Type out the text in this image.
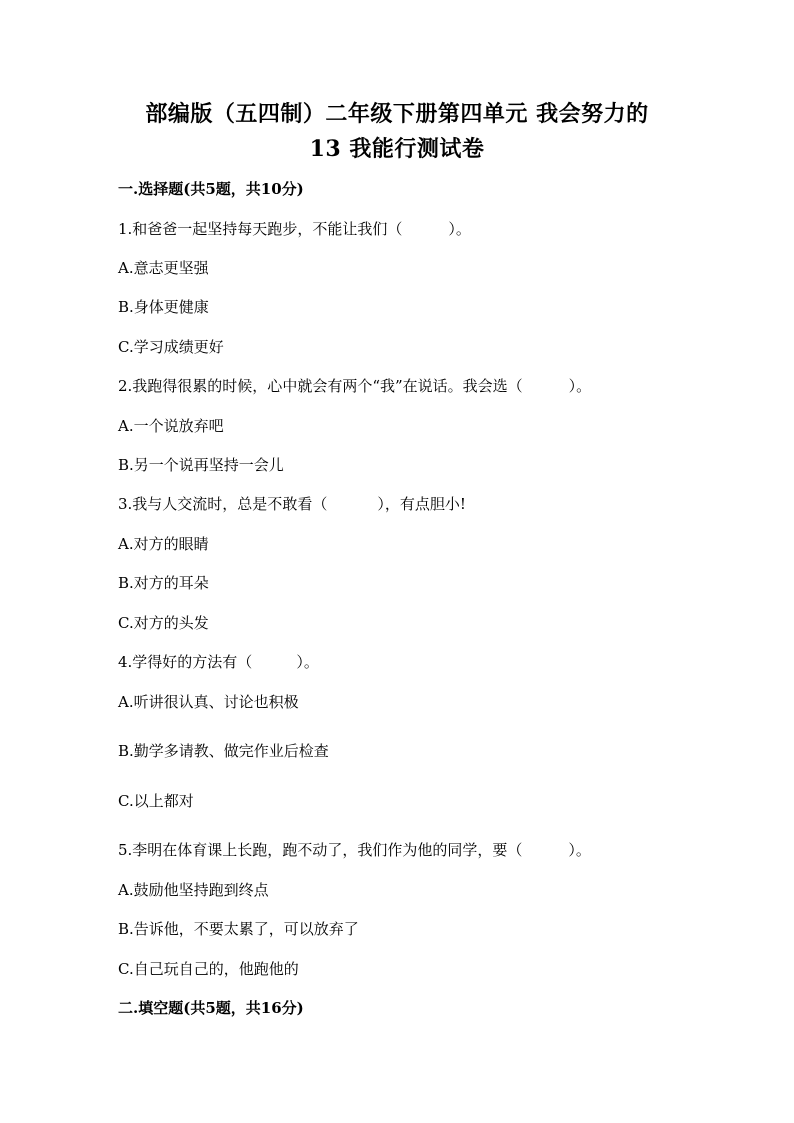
部编版（五四制）二年级下册第四单元 我会努力的
13 我能行测试卷
一.选择题(共5题，共10分)
1.和爸爸一起坚持每天跑步，不能让我们（	）。
A.意志更坚强
B.身体更健康
C.学习成绩更好
2.我跑得很累的时候，心中就会有两个“我”在说话。我会选（	）。
A.一个说放弃吧
B.另一个说再坚持一会儿
3.我与人交流时，总是不敢看（	），有点胆小!
A.对方的眼睛
B.对方的耳朵
C.对方的头发
4.学得好的方法有（	）。
A.听讲很认真、讨论也积极
B.勤学多请教、做完作业后检查
C.以上都对
5.李明在体育课上长跑，跑不动了，我们作为他的同学，要（	）。
A.鼓励他坚持跑到终点
B.告诉他，不要太累了，可以放弃了
C.自己玩自己的，他跑他的
二.填空题(共5题，共16分)
